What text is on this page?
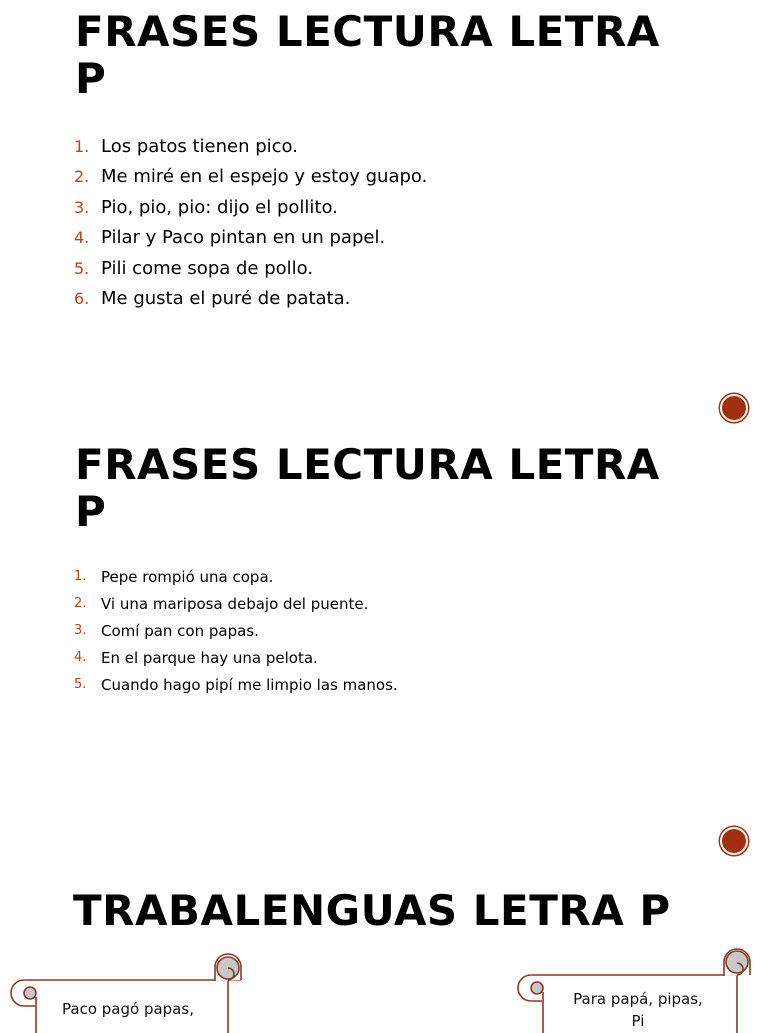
FRASES LECTURA LETRA P
1. Los patos tienen pico.
2. Me miré en el espejo y estoy guapo.
3. Pio, pio, pio: dijo el pollito.
4. Pilar y Paco pintan en un papel.
5. Pili come sopa de pollo.
6. Me gusta el puré de patata.
FRASES LECTURA LETRA P
1. Pepe rompió una copa.
2. Vi una mariposa debajo del puente.
3. Comí pan con papas.
4. En el parque hay una pelota.
5. Cuando hago pipí me limpio las manos.
TRABALENGUAS LETRA P
Paco pagó papas,
Para papá, pipas,
Pi
